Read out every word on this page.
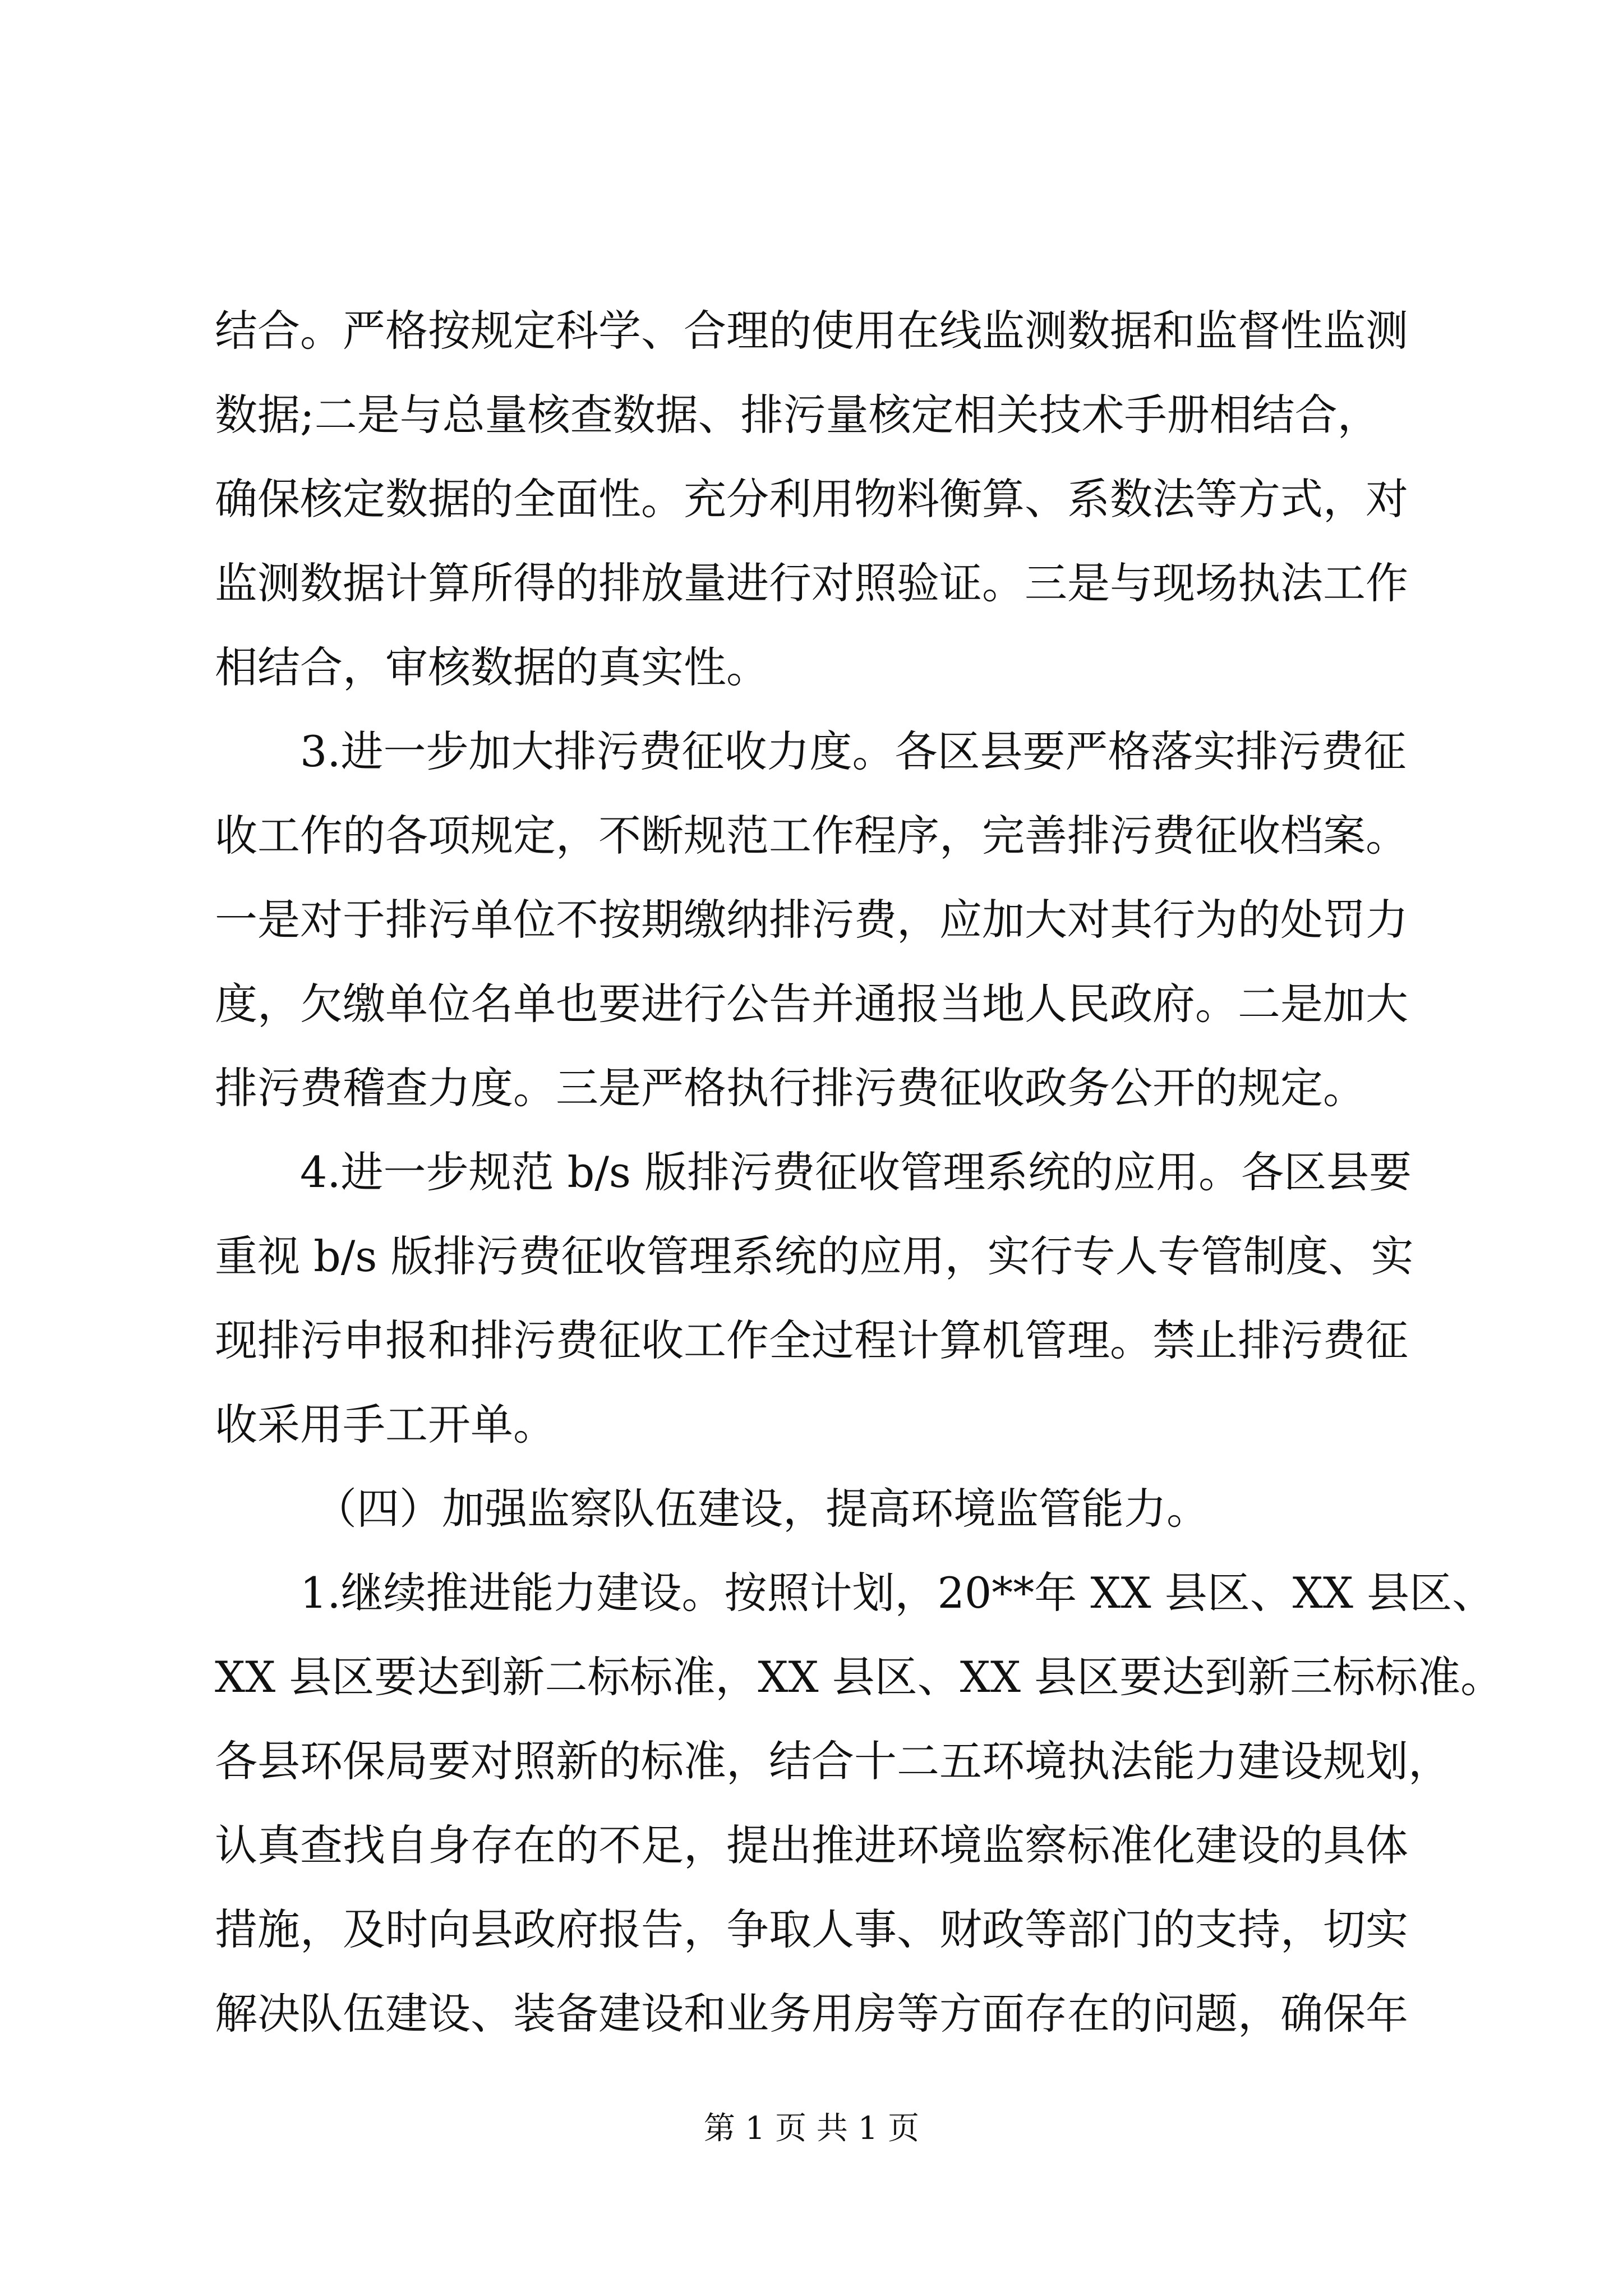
结合。严格按规定科学、合理的使用在线监测数据和监督性监测
数据;二是与总量核查数据、排污量核定相关技术手册相结合，
确保核定数据的全面性。充分利用物料衡算、系数法等方式，对
监测数据计算所得的排放量进行对照验证。三是与现场执法工作
相结合，审核数据的真实性。
3.进一步加大排污费征收力度。各区县要严格落实排污费征
收工作的各项规定，不断规范工作程序，完善排污费征收档案。
一是对于排污单位不按期缴纳排污费，应加大对其行为的处罚力
度，欠缴单位名单也要进行公告并通报当地人民政府。二是加大
排污费稽查力度。三是严格执行排污费征收政务公开的规定。
4.进一步规范 b/s 版排污费征收管理系统的应用。各区县要
重视 b/s 版排污费征收管理系统的应用，实行专人专管制度、实
现排污申报和排污费征收工作全过程计算机管理。禁止排污费征
收采用手工开单。
（四）加强监察队伍建设，提高环境监管能力。
1.继续推进能力建设。按照计划，20**年 XX 县区、XX 县区、
XX 县区要达到新二标标准，XX 县区、XX 县区要达到新三标标准。
各县环保局要对照新的标准，结合十二五环境执法能力建设规划，
认真查找自身存在的不足，提出推进环境监察标准化建设的具体
措施，及时向县政府报告，争取人事、财政等部门的支持，切实
解决队伍建设、装备建设和业务用房等方面存在的问题，确保年
第 1 页 共 1 页
